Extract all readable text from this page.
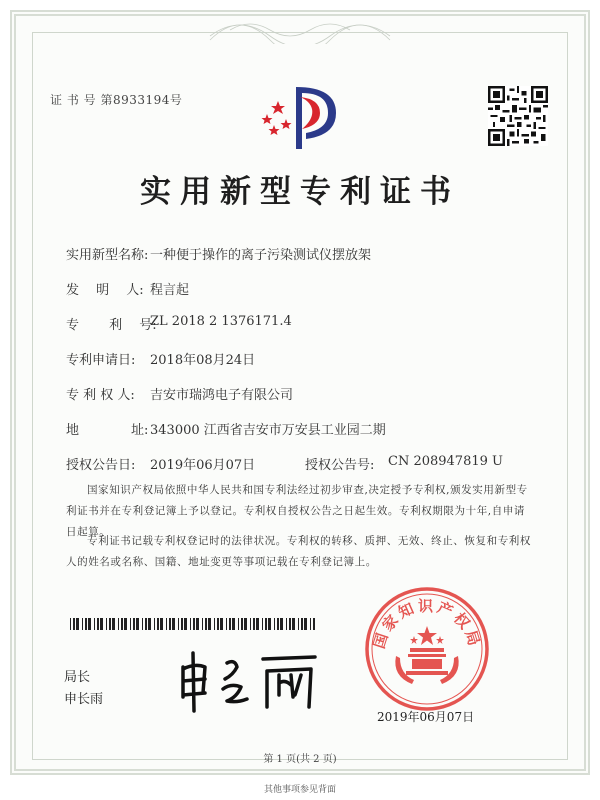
证 书 号 第8933194号
实用新型专利证书
实用新型名称: 一种便于操作的离子污染测试仪摆放架
发　 明　 人: 程言起
专　　 利　 号:
ZL 2018 2 1376171.4
专利申请日: 2018年08月24日
专 利 权 人: 吉安市瑞鸿电子有限公司
地　　　　址: 343000 江西省吉安市万安县工业园二期
授权公告日: 2019年06月07日	授权公告号: CN 208947819 U
国家知识产权局依照中华人民共和国专利法经过初步审查,决定授予专利权,颁发实用新型专利证书并在专利登记簿上予以登记。专利权自授权公告之日起生效。专利权期限为十年,自申请日起算。
专利证书记载专利权登记时的法律状况。专利权的转移、质押、无效、终止、恢复和专利权人的姓名或名称、国籍、地址变更等事项记载在专利登记簿上。
局长
申长雨
国家知识产权局
2019年06月07日
第 1 页(共 2 页)
其他事项参见背面
